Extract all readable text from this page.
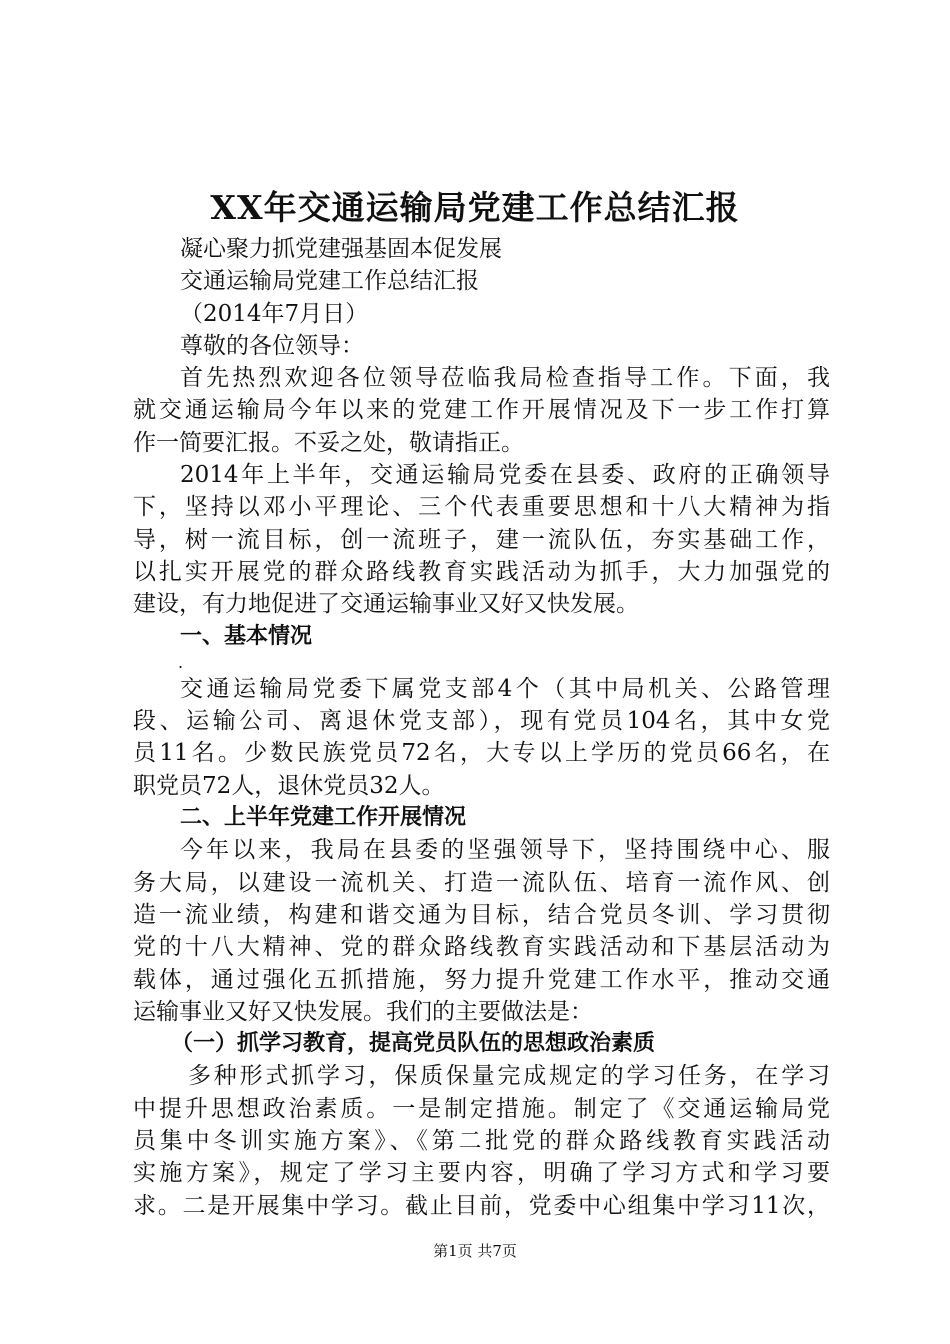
XX年交通运输局党建工作总结汇报
凝心聚力抓党建强基固本促发展
交通运输局党建工作总结汇报
（2014年7月日）
尊敬的各位领导：
首先热烈欢迎各位领导莅临我局检查指导工作。下面，我
就交通运输局今年以来的党建工作开展情况及下一步工作打算
作一简要汇报。不妥之处，敬请指正。
2014年上半年，交通运输局党委在县委、政府的正确领导
下，坚持以邓小平理论、三个代表重要思想和十八大精神为指
导，树一流目标，创一流班子，建一流队伍，夯实基础工作，
以扎实开展党的群众路线教育实践活动为抓手，大力加强党的
建设，有力地促进了交通运输事业又好又快发展。
一、基本情况
.
交通运输局党委下属党支部4个（其中局机关、公路管理
段、运输公司、离退休党支部），现有党员104名，其中女党
员11名。少数民族党员72名，大专以上学历的党员66名，在
职党员72人，退休党员32人。
二、上半年党建工作开展情况
今年以来，我局在县委的坚强领导下，坚持围绕中心、服
务大局，以建设一流机关、打造一流队伍、培育一流作风、创
造一流业绩，构建和谐交通为目标，结合党员冬训、学习贯彻
党的十八大精神、党的群众路线教育实践活动和下基层活动为
载体，通过强化五抓措施，努力提升党建工作水平，推动交通
运输事业又好又快发展。我们的主要做法是：
（一）抓学习教育，提高党员队伍的思想政治素质
多种形式抓学习，保质保量完成规定的学习任务，在学习
中提升思想政治素质。一是制定措施。制定了《交通运输局党
员集中冬训实施方案》、《第二批党的群众路线教育实践活动
实施方案》，规定了学习主要内容，明确了学习方式和学习要
求。二是开展集中学习。截止目前，党委中心组集中学习11次，
第1页 共7页
